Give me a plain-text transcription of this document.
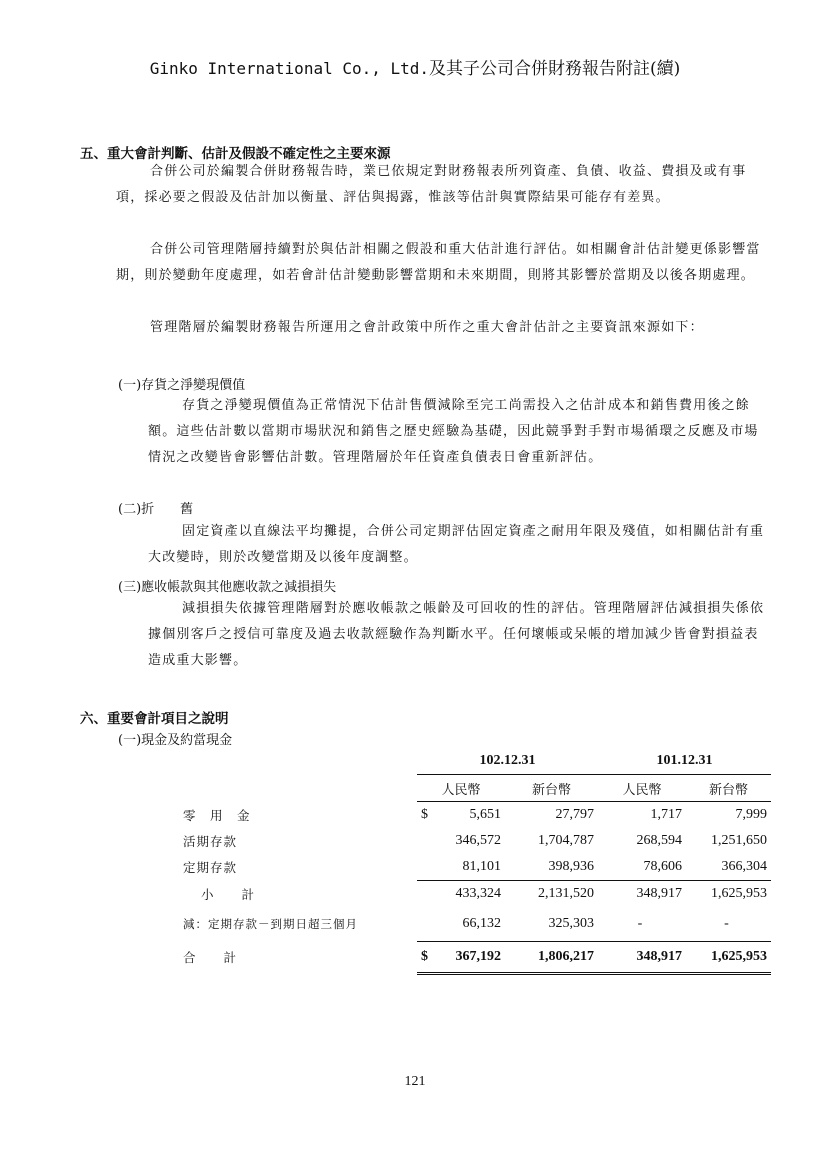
Ginko International Co., Ltd.及其子公司合併財務報告附註(續)
五、重大會計判斷、估計及假設不確定性之主要來源
合併公司於編製合併財務報告時，業已依規定對財務報表所列資產、負債、收益、費損及或有事項，採必要之假設及估計加以衡量、評估與揭露，惟該等估計與實際結果可能存有差異。
合併公司管理階層持續對於與估計相關之假設和重大估計進行評估。如相關會計估計變更係影響當期，則於變動年度處理，如若會計估計變動影響當期和未來期間，則將其影響於當期及以後各期處理。
管理階層於編製財務報告所運用之會計政策中所作之重大會計估計之主要資訊來源如下：
(一)存貨之淨變現價值
存貨之淨變現價值為正常情況下估計售價減除至完工尚需投入之估計成本和銷售費用後之餘額。這些估計數以當期市場狀況和銷售之歷史經驗為基礎，因此競爭對手對市場循環之反應及市場情況之改變皆會影響估計數。管理階層於年任資產負債表日會重新評估。
(二)折　　舊
固定資產以直線法平均攤提，合併公司定期評估固定資產之耐用年限及殘值，如相關估計有重大改變時，則於改變當期及以後年度調整。
(三)應收帳款與其他應收款之減損損失
減損損失依據管理階層對於應收帳款之帳齡及可回收的性的評估。管理階層評估減損損失係依據個別客戶之授信可靠度及過去收款經驗作為判斷水平。任何壞帳或呆帳的增加減少皆會對損益表造成重大影響。
六、重要會計項目之說明
(一)現金及約當現金
	102.12.31		101.12.31	
	人民幣	新台幣	人民幣	新台幣
零　用　金	$ 5,651	27,797	1,717	7,999
活期存款	346,572	1,704,787	268,594	1,251,650
定期存款	81,101	398,936	78,606	366,304
小　　計	433,324	2,131,520	348,917	1,625,953
減：定期存款－到期日超三個月	66,132	325,303	-	-
合　　計	$ 367,192	1,806,217	348,917	1,625,953
121
